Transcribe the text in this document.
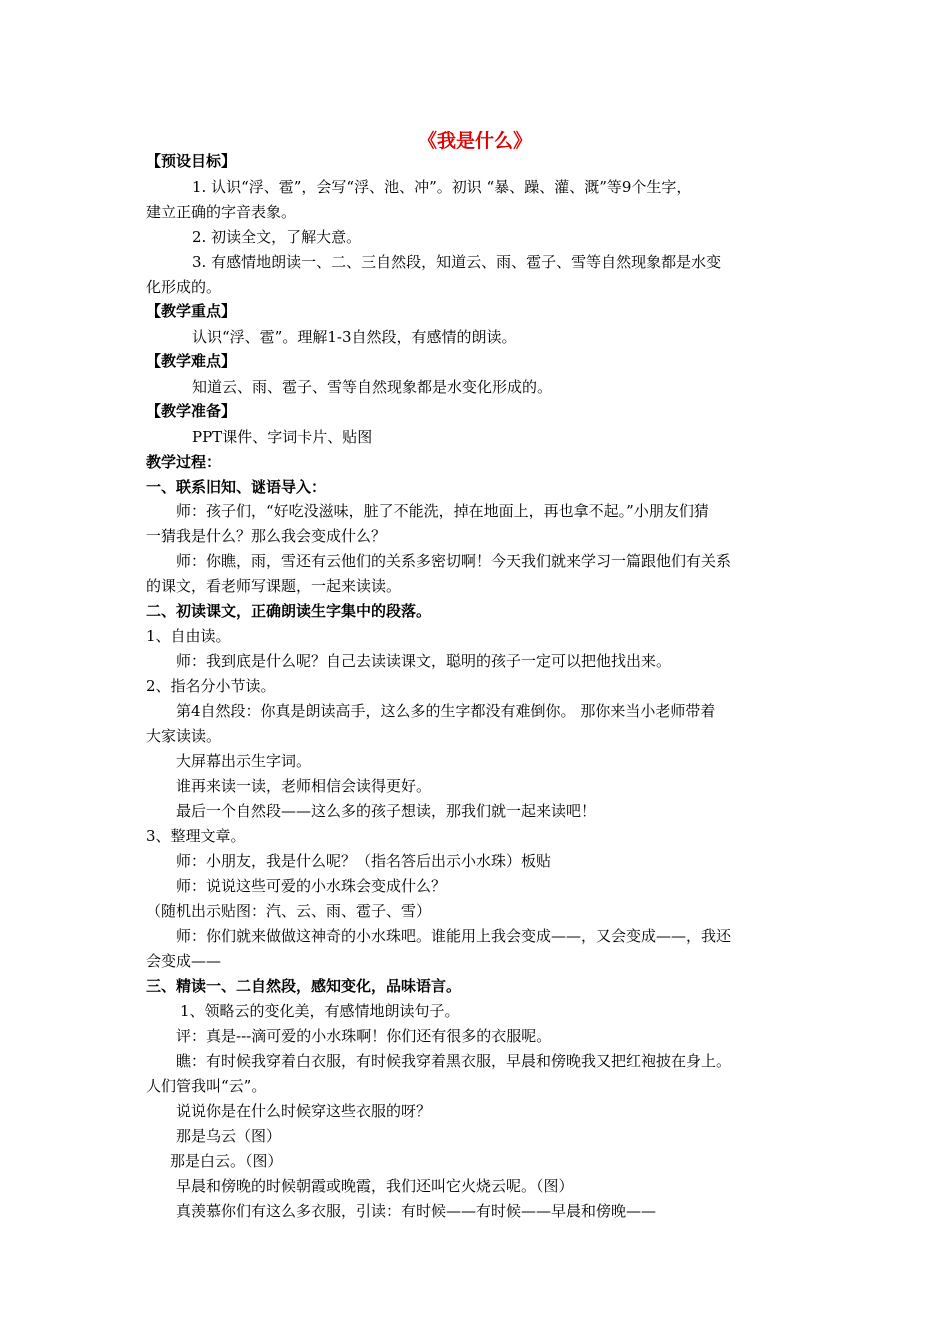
《我是什么》
【预设目标】
1. 认识“浮、雹”，会写“浮、池、冲”。初识 “暴、躁、灌、溉”等9个生字，
建立正确的字音表象。
2. 初读全文，了解大意。
3. 有感情地朗读一、二、三自然段，知道云、雨、雹子、雪等自然现象都是水变
化形成的。
【教学重点】
认识“浮、雹”。理解1-3自然段，有感情的朗读。
【教学难点】
知道云、雨、雹子、雪等自然现象都是水变化形成的。
【教学准备】
PPT课件、字词卡片、贴图
教学过程：
一、联系旧知、谜语导入：
师：孩子们，“好吃没滋味，脏了不能洗，掉在地面上，再也拿不起。”小朋友们猜
一猜我是什么？那么我会变成什么？
师：你瞧，雨，雪还有云他们的关系多密切啊！今天我们就来学习一篇跟他们有关系
的课文，看老师写课题，一起来读读。
二、初读课文，正确朗读生字集中的段落。
1、自由读。
师：我到底是什么呢？自己去读读课文，聪明的孩子一定可以把他找出来。
2、指名分小节读。
第4自然段：你真是朗读高手，这么多的生字都没有难倒你。 那你来当小老师带着
大家读读。
大屏幕出示生字词。
谁再来读一读，老师相信会读得更好。
最后一个自然段——这么多的孩子想读，那我们就一起来读吧！
3、整理文章。
师：小朋友，我是什么呢？（指名答后出示小水珠）板贴
师：说说这些可爱的小水珠会变成什么？
（随机出示贴图：汽、云、雨、雹子、雪）
师：你们就来做做这神奇的小水珠吧。谁能用上我会变成——，又会变成——，我还
会变成——
三、精读一、二自然段，感知变化，品味语言。
1、领略云的变化美，有感情地朗读句子。
评：真是---滴可爱的小水珠啊！你们还有很多的衣服呢。
瞧：有时候我穿着白衣服，有时候我穿着黑衣服，早晨和傍晚我又把红袍披在身上。
人们管我叫“云”。
说说你是在什么时候穿这些衣服的呀？
那是乌云（图）
那是白云。（图）
早晨和傍晚的时候朝霞或晚霞，我们还叫它火烧云呢。（图）
真羡慕你们有这么多衣服，引读：有时候——有时候——早晨和傍晚——
